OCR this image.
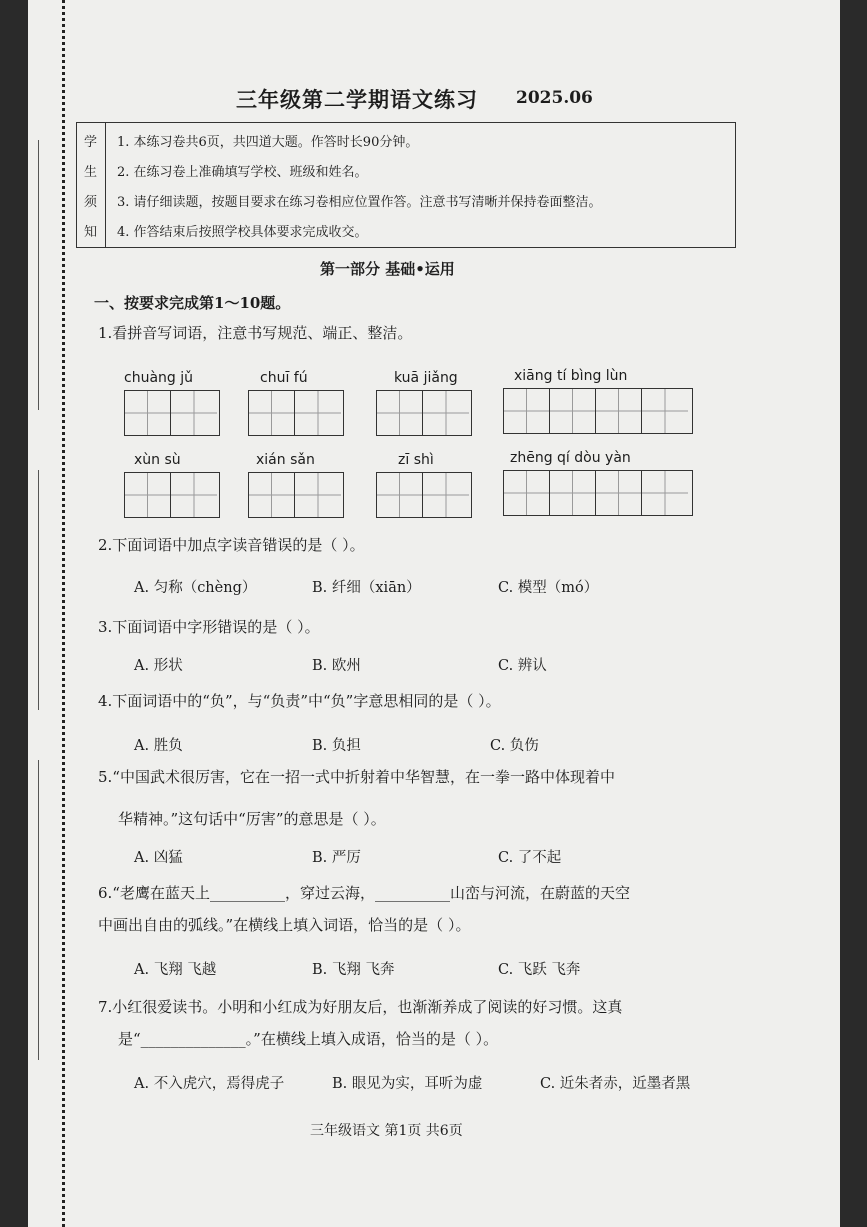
三年级第二学期语文练习 2025.06
学
生
须
知
1. 本练习卷共6页，共四道大题。作答时长90分钟。
2. 在练习卷上准确填写学校、班级和姓名。
3. 请仔细读题，按题目要求在练习卷相应位置作答。注意书写清晰并保持卷面整洁。
4. 作答结束后按照学校具体要求完成收交。
第一部分 基础•运用
一、按要求完成第1～10题。
1.看拼音写词语，注意书写规范、端正、整洁。
chuàng jǔ	chuī fú	kuā jiǎng	xiāng tí bìng lùn
xùn sù	xián sǎn	zī shì	zhēng qí dòu yàn
2.下面词语中加点字读音错误的是（ ）。
A. 匀称（chèng）	B. 纤细（xiān）	C. 模型（mó）
3.下面词语中字形错误的是（ ）。
A. 形状	B. 欧州	C. 辨认
4.下面词语中的“负”，与“负责”中“负”字意思相同的是（ ）。
A. 胜负	B. 负担	C. 负伤
5.“中国武术很厉害，它在一招一式中折射着中华智慧，在一拳一路中体现着中
华精神。”这句话中“厉害”的意思是（ ）。
A. 凶猛	B. 严厉	C. 了不起
6.“老鹰在蓝天上__________，穿过云海，__________山峦与河流，在蔚蓝的天空
中画出自由的弧线。”在横线上填入词语，恰当的是（ ）。
A. 飞翔 飞越	B. 飞翔 飞奔	C. 飞跃 飞奔
7.小红很爱读书。小明和小红成为好朋友后，也渐渐养成了阅读的好习惯。这真
是“______________。”在横线上填入成语，恰当的是（ ）。
A. 不入虎穴，焉得虎子	B. 眼见为实，耳听为虚	C. 近朱者赤，近墨者黑
三年级语文 第1页 共6页
